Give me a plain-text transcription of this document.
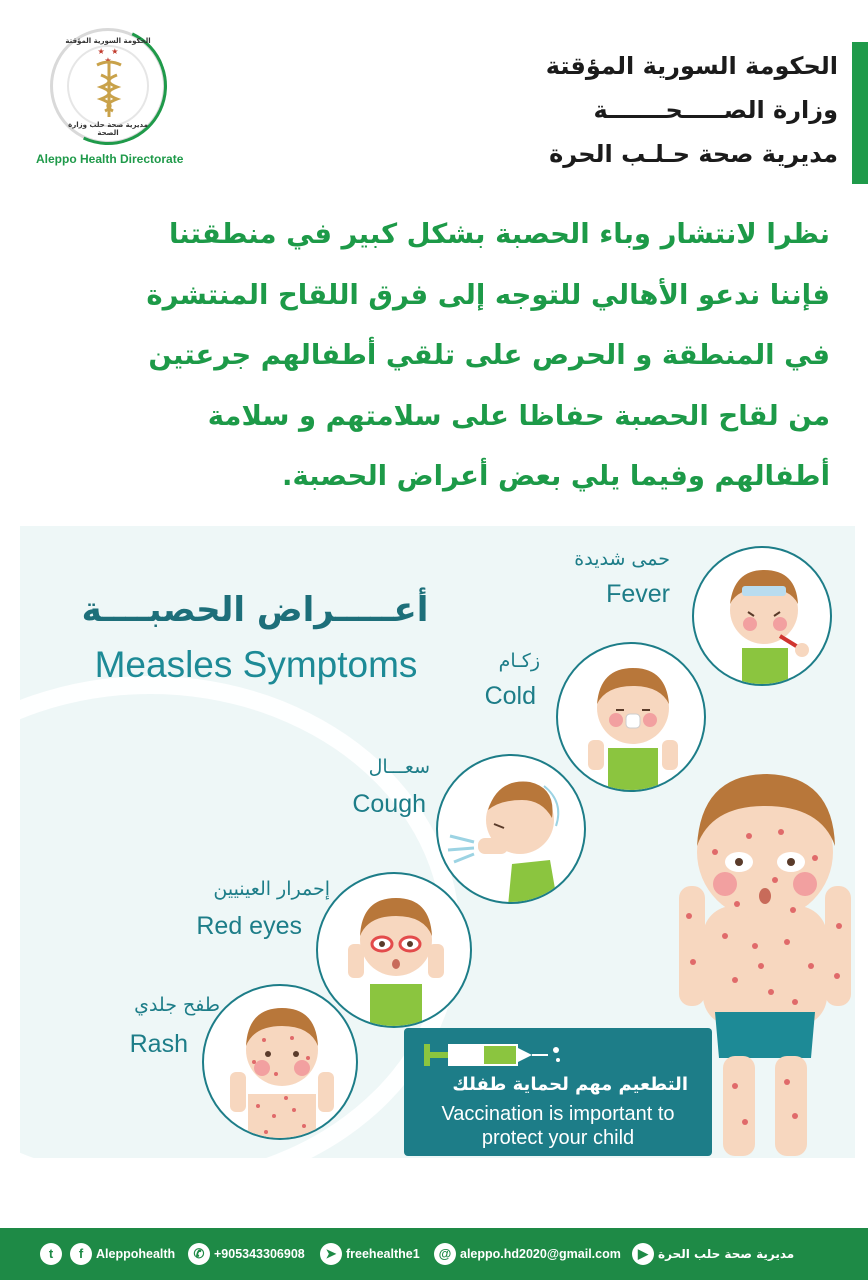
الحكومة السورية المؤقتة
★ ★ ★
مديرية صحة حلب وزارة الصحة
Aleppo Health Directorate
الحكومة السورية المؤقتة
وزارة الصـــــحـــــــة
مديرية صحة حـلـب الحرة
نظرا لانتشار وباء الحصبة بشكل كبير في منطقتنا
فإننا ندعو الأهالي للتوجه إلى فرق اللقاح المنتشرة
في المنطقة و الحرص على تلقي أطفالهم جرعتين
من لقاح الحصبة حفاظا على سلامتهم و سلامة
أطفالهم وفيما يلي بعض أعراض الحصبة.
أعـــــراض الحصبــــة
Measles Symptoms
حمى شديدة
Fever
زكـام
Cold
سعـــال
Cough
إحمرار العينيين
Red eyes
طفح جلدي
Rash
التطعيم مهم لحماية طفلك
Vaccination is important to
protect your child
t	f	Aleppohealth	✆ +905343306908	➤ freehealthe1	@ aleppo.hd2020@gmail.com	▶ مديرية صحة حلب الحرة
